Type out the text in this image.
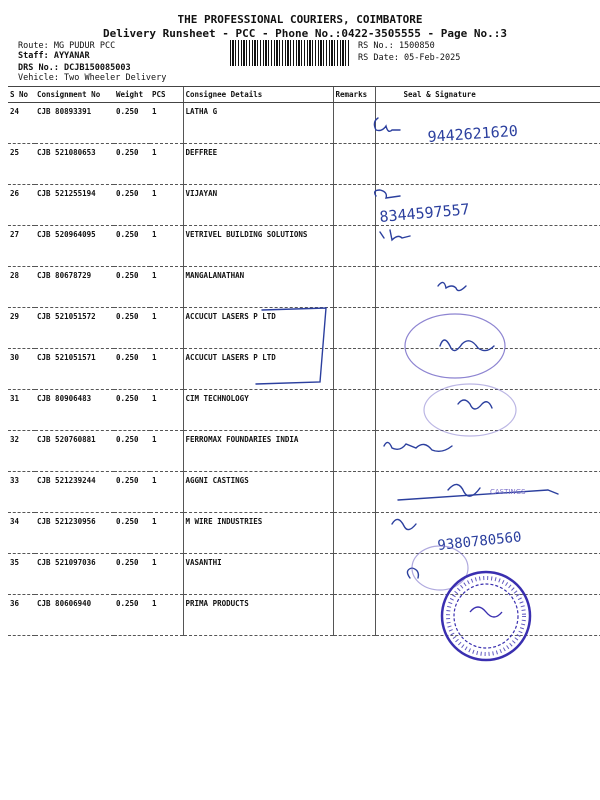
THE PROFESSIONAL COURIERS, COIMBATORE
Delivery Runsheet - PCC - Phone No.:0422-3505555 - Page No.:3
Route: MG PUDUR PCC
Staff: AYYANAR
DRS No.: DCJB150085003
Vehicle: Two Wheeler Delivery
RS No.: 1500850
RS Date: 05-Feb-2025
S No	Consignment No	Weight	PCS	Consignee Details	Remarks	Seal & Signature
24	CJB 80893391	0.250	1	LATHA G		
25	CJB 521080653	0.250	1	DEFFREE		
26	CJB 521255194	0.250	1	VIJAYAN		
27	CJB 520964095	0.250	1	VETRIVEL BUILDING SOLUTIONS		
28	CJB 80678729	0.250	1	MANGALANATHAN		
29	CJB 521051572	0.250	1	ACCUCUT LASERS P LTD		
30	CJB 521051571	0.250	1	ACCUCUT LASERS P LTD		
31	CJB 80906483	0.250	1	CIM TECHNOLOGY		
32	CJB 520760881	0.250	1	FERROMAX FOUNDARIES INDIA		
33	CJB 521239244	0.250	1	AGGNI CASTINGS		
34	CJB 521230956	0.250	1	M WIRE INDUSTRIES		
35	CJB 521097036	0.250	1	VASANTHI		
36	CJB 80606940	0.250	1	PRIMA PRODUCTS		
9442621620
8344597557
9380780560
CASTINGS
